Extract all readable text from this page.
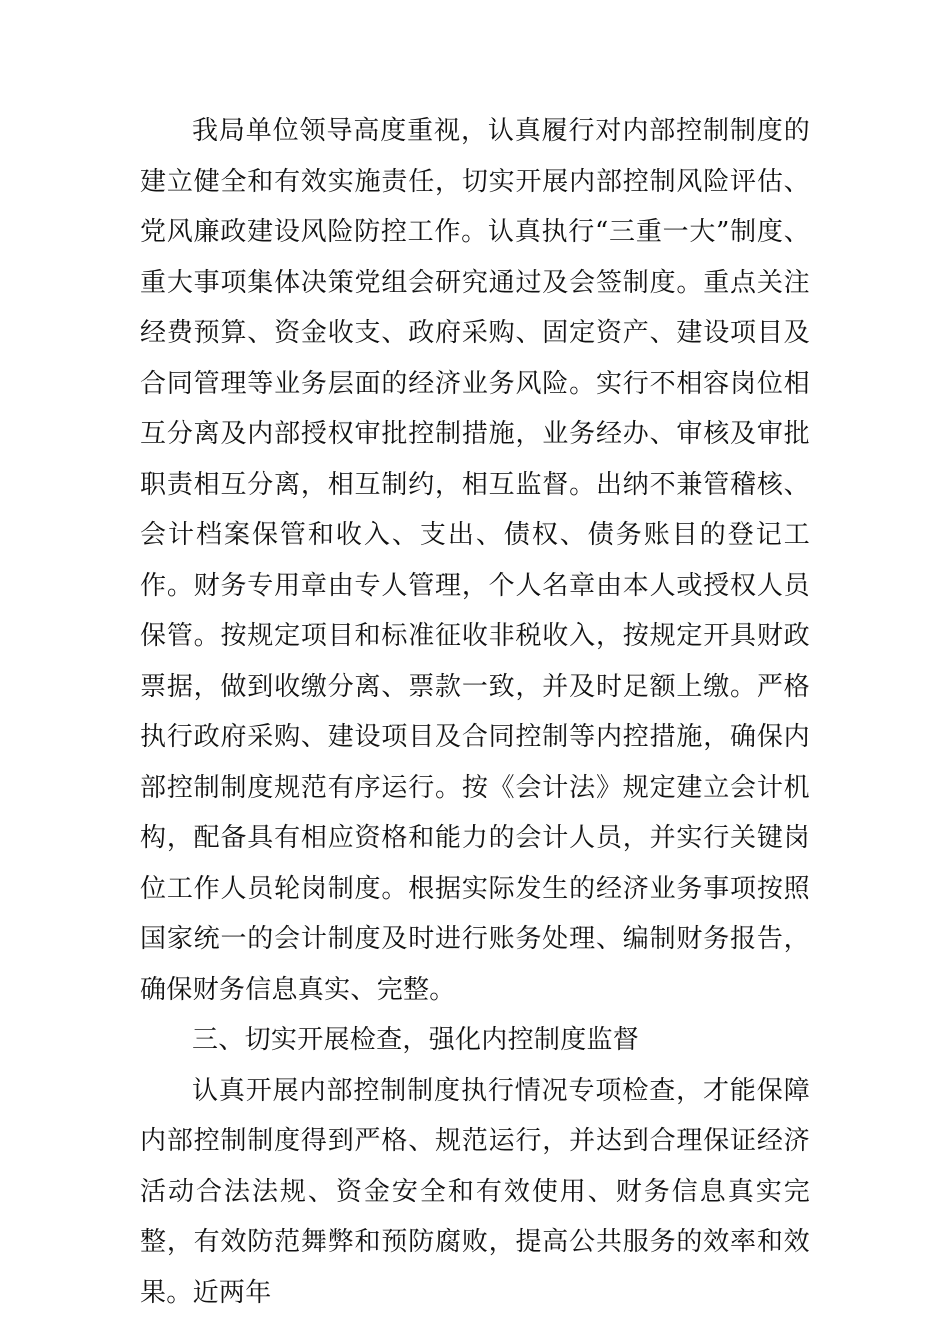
我局单位领导高度重视，认真履行对内部控制制度的建立健全和有效实施责任，切实开展内部控制风险评估、党风廉政建设风险防控工作。认真执行“三重一大”制度、重大事项集体决策党组会研究通过及会签制度。重点关注经费预算、资金收支、政府采购、固定资产、建设项目及合同管理等业务层面的经济业务风险。实行不相容岗位相互分离及内部授权审批控制措施，业务经办、审核及审批职责相互分离，相互制约，相互监督。出纳不兼管稽核、会计档案保管和收入、支出、债权、债务账目的登记工作。财务专用章由专人管理，个人名章由本人或授权人员保管。按规定项目和标准征收非税收入，按规定开具财政票据，做到收缴分离、票款一致，并及时足额上缴。严格执行政府采购、建设项目及合同控制等内控措施，确保内部控制制度规范有序运行。按《会计法》规定建立会计机构，配备具有相应资格和能力的会计人员，并实行关键岗位工作人员轮岗制度。根据实际发生的经济业务事项按照国家统一的会计制度及时进行账务处理、编制财务报告，确保财务信息真实、完整。

三、切实开展检查，强化内控制度监督

认真开展内部控制制度执行情况专项检查，才能保障内部控制制度得到严格、规范运行，并达到合理保证经济活动合法法规、资金安全和有效使用、财务信息真实完整，有效防范舞弊和预防腐败，提高公共服务的效率和效果。近两年
